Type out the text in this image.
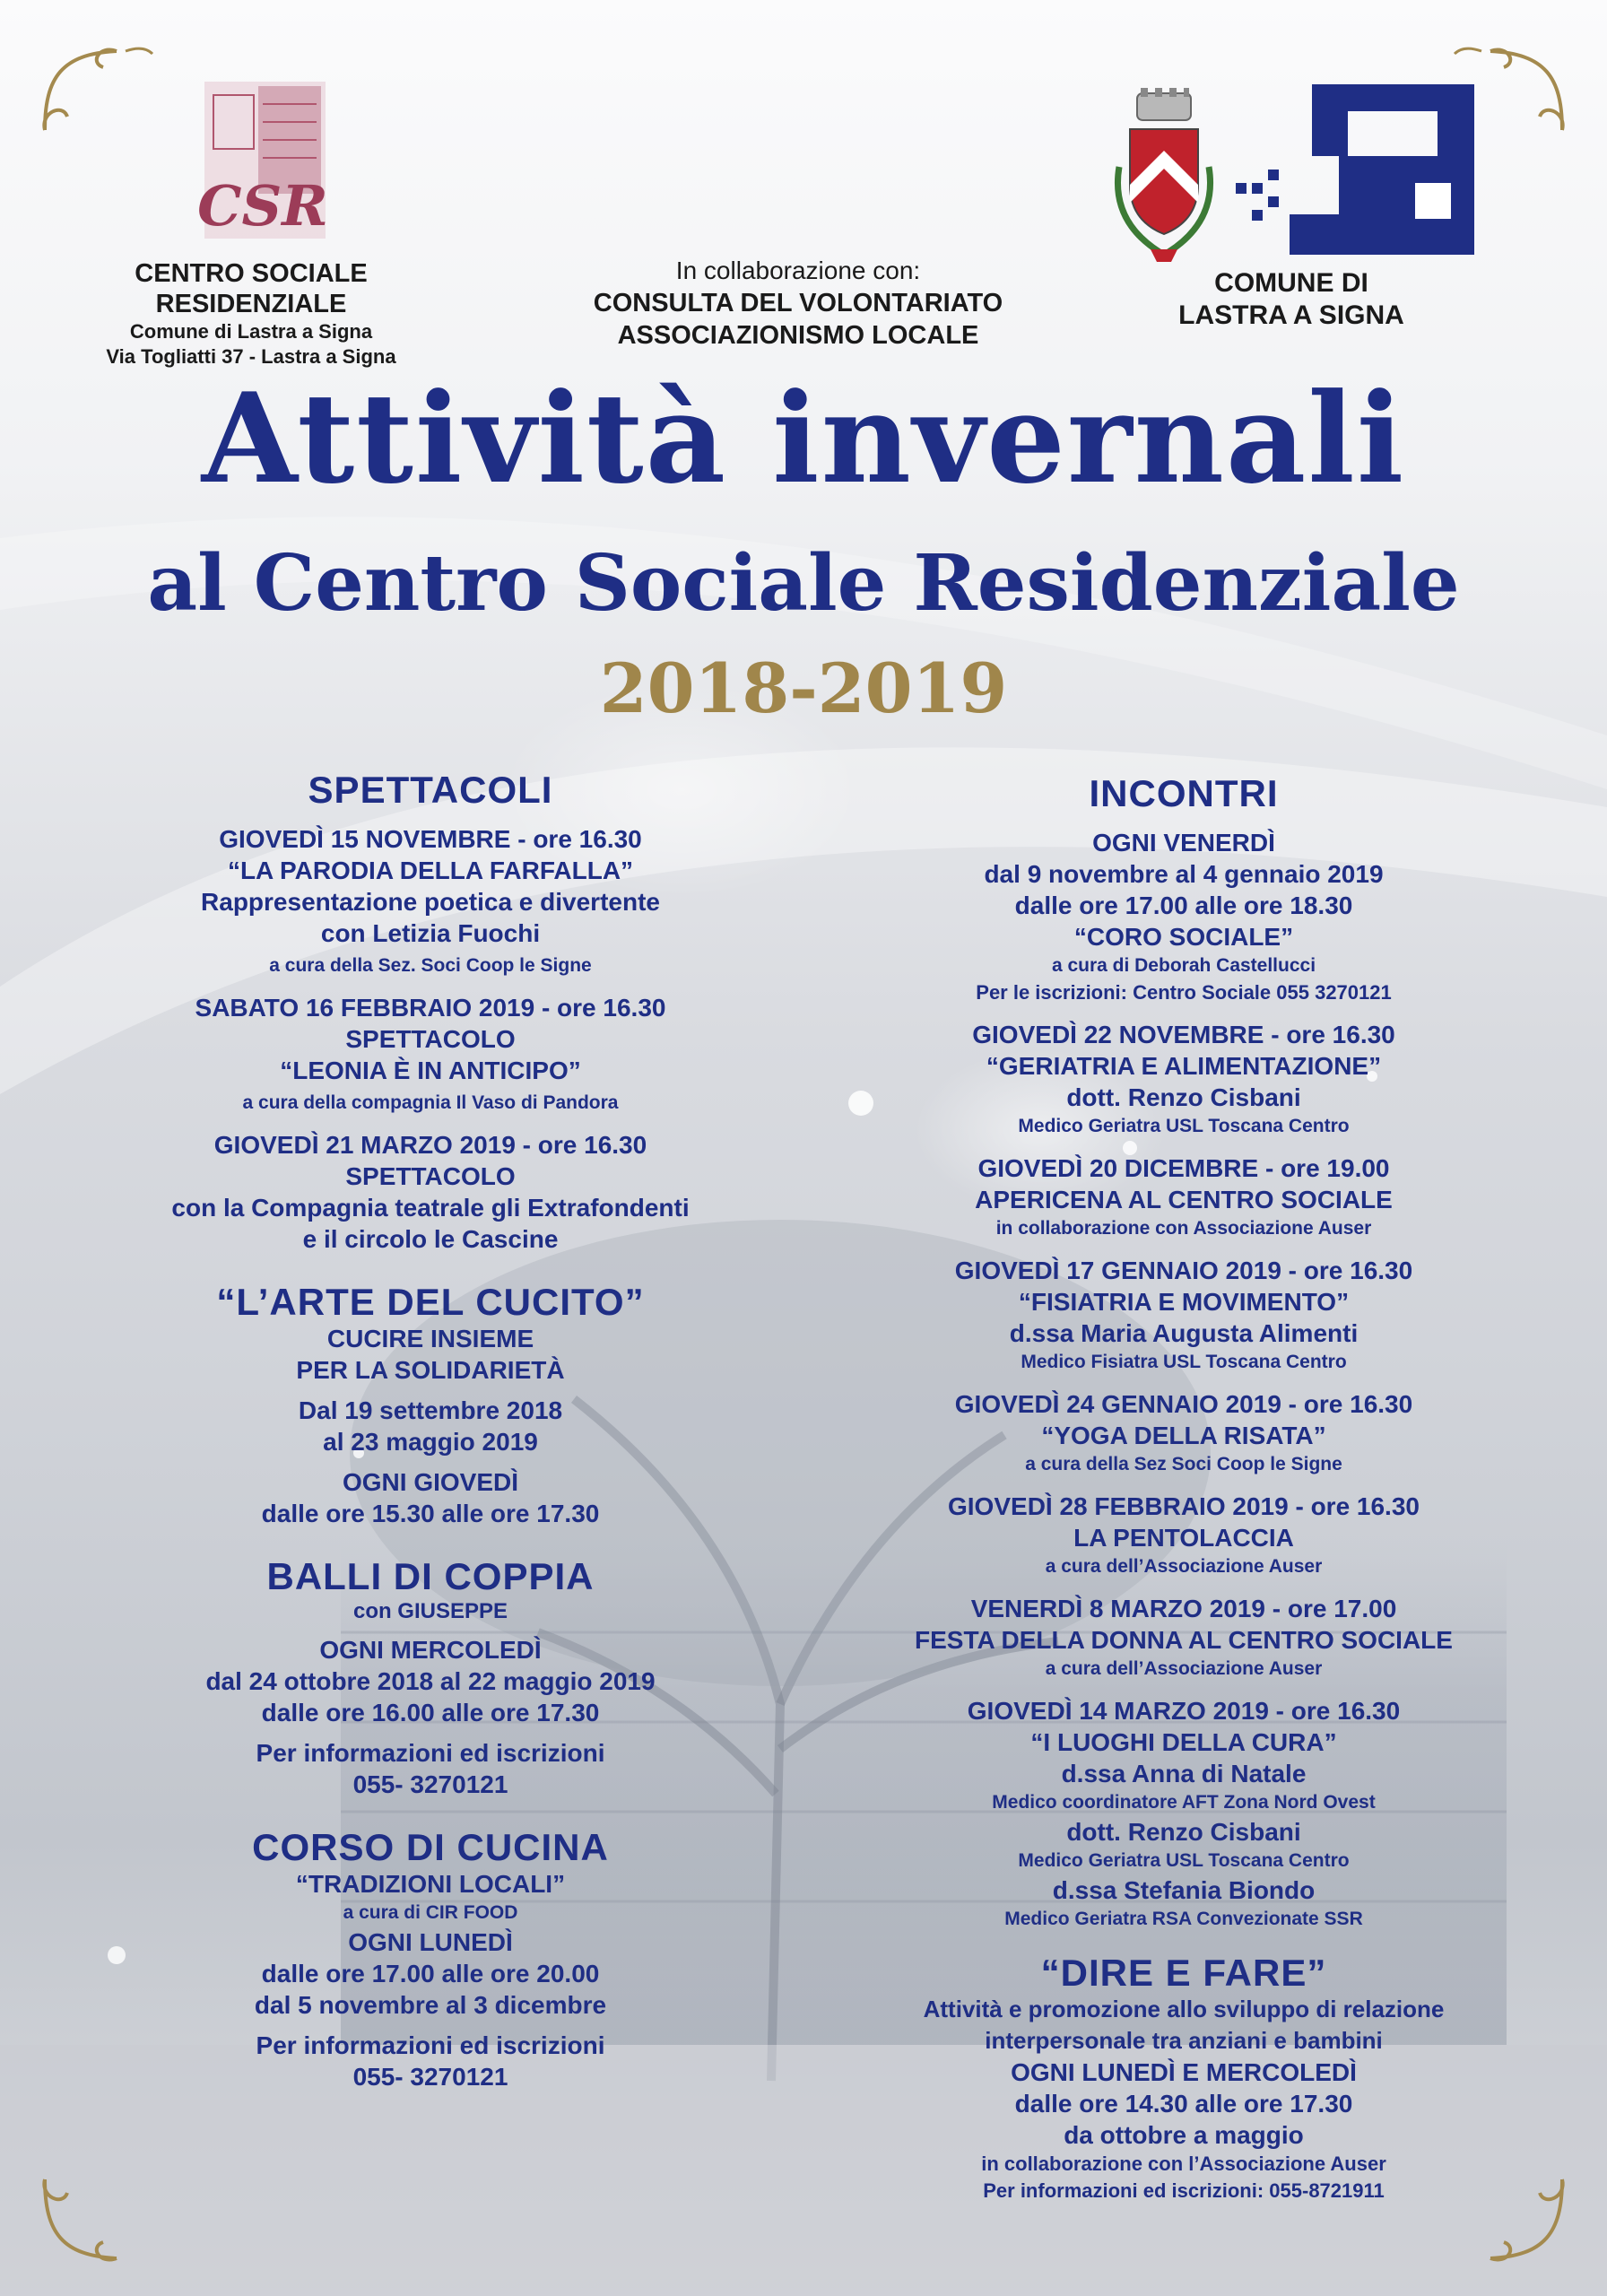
CSR
CENTRO SOCIALE RESIDENZIALE
Comune di Lastra a Signa
Via Togliatti 37 - Lastra a Signa
In collaborazione con:
CONSULTA DEL VOLONTARIATO
ASSOCIAZIONISMO LOCALE
COMUNE DI
LASTRA A SIGNA
Attività invernali
al Centro Sociale Residenziale
2018-2019
SPETTACOLI

GIOVEDÌ 15 NOVEMBRE - ore 16.30

“LA PARODIA DELLA FARFALLA”

Rappresentazione poetica e divertente

con Letizia Fuochi

a cura della Sez. Soci Coop le Signe

SABATO 16 FEBBRAIO 2019 - ore 16.30

SPETTACOLO

“LEONIA È IN ANTICIPO”

a cura della compagnia Il Vaso di Pandora

GIOVEDÌ 21 MARZO 2019 - ore 16.30

SPETTACOLO

con la Compagnia teatrale gli Extrafondenti

e il circolo le Cascine

“L’ARTE DEL CUCITO”

CUCIRE INSIEME

PER LA SOLIDARIETÀ

Dal 19 settembre 2018

al 23 maggio 2019

OGNI GIOVEDÌ

dalle ore 15.30 alle ore 17.30

BALLI DI COPPIA

con GIUSEPPE

OGNI MERCOLEDÌ

dal 24 ottobre 2018 al 22 maggio 2019

dalle ore 16.00 alle ore 17.30

Per informazioni ed iscrizioni

055- 3270121

CORSO DI CUCINA

“TRADIZIONI LOCALI”

a cura di CIR FOOD

OGNI LUNEDÌ

dalle ore 17.00 alle ore 20.00

dal 5 novembre al 3 dicembre

Per informazioni ed iscrizioni

055- 3270121

INCONTRI

OGNI VENERDÌ

dal 9 novembre al 4 gennaio 2019

dalle ore 17.00 alle ore 18.30

“CORO SOCIALE”

a cura di Deborah Castellucci

Per le iscrizioni: Centro Sociale 055 3270121

GIOVEDÌ 22 NOVEMBRE - ore 16.30

“GERIATRIA E ALIMENTAZIONE”

dott. Renzo Cisbani

Medico Geriatra USL Toscana Centro

GIOVEDÌ 20 DICEMBRE - ore 19.00

APERICENA AL CENTRO SOCIALE

in collaborazione con Associazione Auser

GIOVEDÌ 17 GENNAIO 2019 - ore 16.30

“FISIATRIA E MOVIMENTO”

d.ssa Maria Augusta Alimenti

Medico Fisiatra USL Toscana Centro

GIOVEDÌ 24 GENNAIO 2019 - ore 16.30

“YOGA DELLA RISATA”

a cura della Sez Soci Coop le Signe

GIOVEDÌ 28 FEBBRAIO 2019 - ore 16.30

LA PENTOLACCIA

a cura dell’Associazione Auser

VENERDÌ 8 MARZO 2019 - ore 17.00

FESTA DELLA DONNA AL CENTRO SOCIALE

a cura dell’Associazione Auser

GIOVEDÌ 14 MARZO 2019 - ore 16.30

“I LUOGHI DELLA CURA”

d.ssa Anna di Natale

Medico coordinatore AFT Zona Nord Ovest

dott. Renzo Cisbani

Medico Geriatra USL Toscana Centro

d.ssa Stefania Biondo

Medico Geriatra RSA Convezionate SSR

“DIRE E FARE”

Attività e promozione allo sviluppo di relazione

interpersonale tra anziani e bambini

OGNI LUNEDÌ E MERCOLEDÌ

dalle ore 14.30 alle ore 17.30

da ottobre a maggio

in collaborazione con l’Associazione Auser

Per informazioni ed iscrizioni: 055-8721911
